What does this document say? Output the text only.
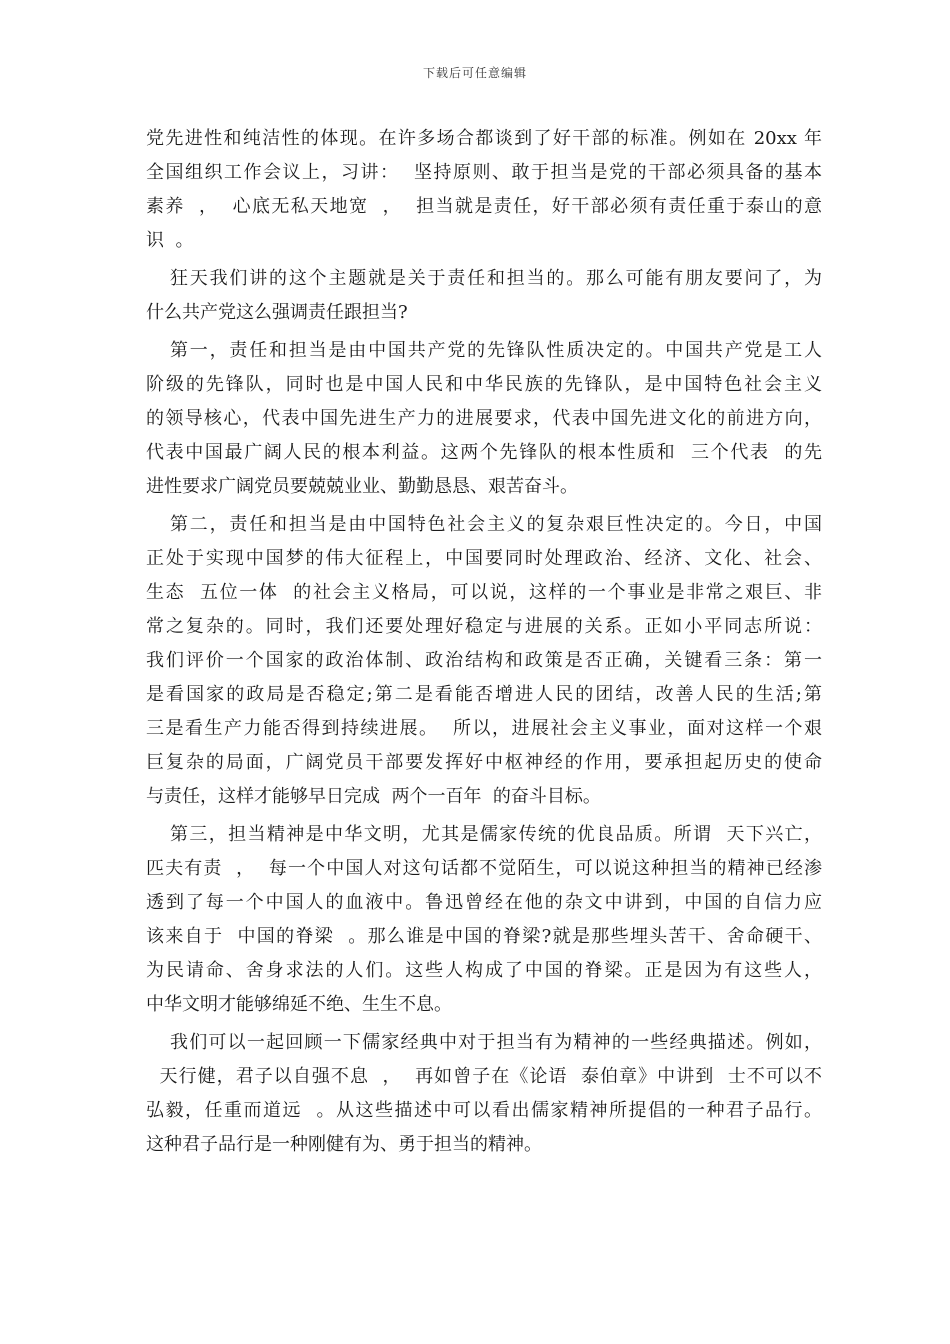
下载后可任意编辑
党先进性和纯洁性的体现。在许多场合都谈到了好干部的标准。例如在 20xx 年
全国组织工作会议上，习讲：  坚持原则、敢于担当是党的干部必须具备的基本
素养  ，  心底无私天地宽  ，  担当就是责任，好干部必须有责任重于泰山的意
识  。
狂天我们讲的这个主题就是关于责任和担当的。那么可能有朋友要问了，为
什么共产党这么强调责任跟担当?
第一，责任和担当是由中国共产党的先锋队性质决定的。中国共产党是工人
阶级的先锋队，同时也是中国人民和中华民族的先锋队，是中国特色社会主义
的领导核心，代表中国先进生产力的进展要求，代表中国先进文化的前进方向，
代表中国最广阔人民的根本利益。这两个先锋队的根本性质和  三个代表  的先
进性要求广阔党员要兢兢业业、勤勤恳恳、艰苦奋斗。
第二，责任和担当是由中国特色社会主义的复杂艰巨性决定的。今日，中国
正处于实现中国梦的伟大征程上，中国要同时处理政治、经济、文化、社会、
生态  五位一体  的社会主义格局，可以说，这样的一个事业是非常之艰巨、非
常之复杂的。同时，我们还要处理好稳定与进展的关系。正如小平同志所说：
我们评价一个国家的政治体制、政治结构和政策是否正确，关键看三条：第一
是看国家的政局是否稳定;第二是看能否增进人民的团结，改善人民的生活;第
三是看生产力能否得到持续进展。  所以，进展社会主义事业，面对这样一个艰
巨复杂的局面，广阔党员干部要发挥好中枢神经的作用，要承担起历史的使命
与责任，这样才能够早日完成  两个一百年  的奋斗目标。
第三，担当精神是中华文明，尤其是儒家传统的优良品质。所谓  天下兴亡，
匹夫有责  ，  每一个中国人对这句话都不觉陌生，可以说这种担当的精神已经渗
透到了每一个中国人的血液中。鲁迅曾经在他的杂文中讲到，中国的自信力应
该来自于  中国的脊梁  。那么谁是中国的脊梁?就是那些埋头苦干、舍命硬干、
为民请命、舍身求法的人们。这些人构成了中国的脊梁。正是因为有这些人，
中华文明才能够绵延不绝、生生不息。
我们可以一起回顾一下儒家经典中对于担当有为精神的一些经典描述。例如，
天行健，君子以自强不息  ，  再如曾子在《论语  泰伯章》中讲到  士不可以不
弘毅，任重而道远  。从这些描述中可以看出儒家精神所提倡的一种君子品行。
这种君子品行是一种刚健有为、勇于担当的精神。
